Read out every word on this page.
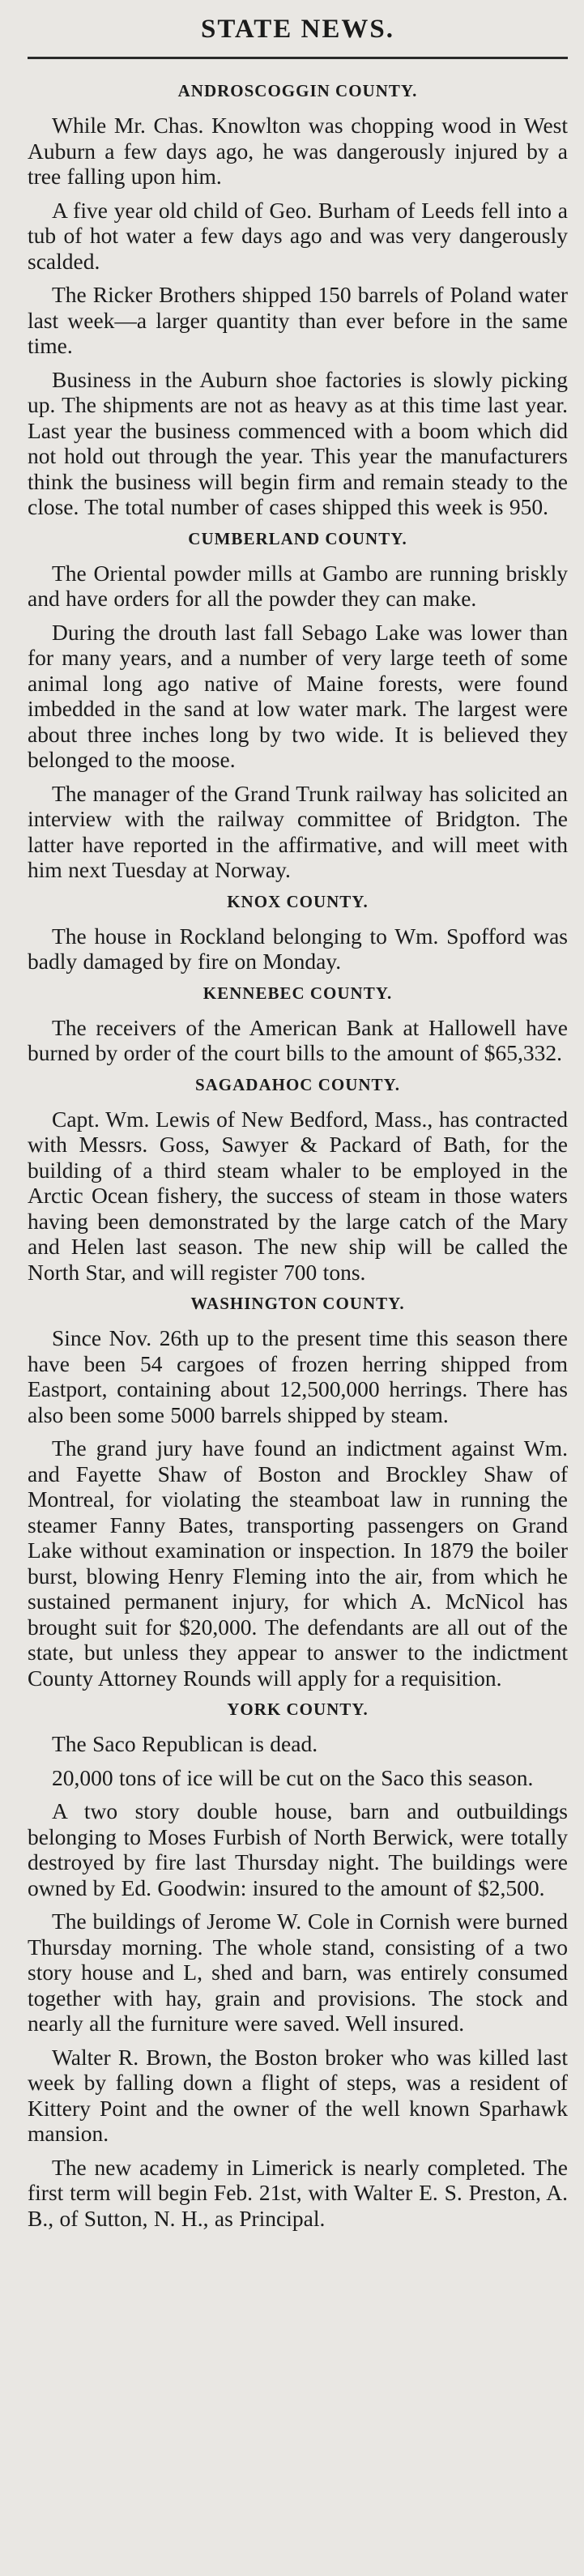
STATE NEWS.
ANDROSCOGGIN COUNTY.

While Mr. Chas. Knowlton was chopping wood in West Auburn a few days ago, he was dangerously injured by a tree falling upon him.

A five year old child of Geo. Burham of Leeds fell into a tub of hot water a few days ago and was very dangerously scalded.

The Ricker Brothers shipped 150 barrels of Poland water last week—a larger quantity than ever before in the same time.

Business in the Auburn shoe factories is slowly picking up. The shipments are not as heavy as at this time last year. Last year the business commenced with a boom which did not hold out through the year. This year the manufacturers think the business will begin firm and remain steady to the close. The total number of cases shipped this week is 950.

CUMBERLAND COUNTY.

The Oriental powder mills at Gambo are running briskly and have orders for all the powder they can make.

During the drouth last fall Sebago Lake was lower than for many years, and a number of very large teeth of some animal long ago native of Maine forests, were found imbedded in the sand at low water mark. The largest were about three inches long by two wide. It is believed they belonged to the moose.

The manager of the Grand Trunk railway has solicited an interview with the railway committee of Bridgton. The latter have reported in the affirmative, and will meet with him next Tuesday at Norway.

KNOX COUNTY.

The house in Rockland belonging to Wm. Spofford was badly damaged by fire on Monday.

KENNEBEC COUNTY.

The receivers of the American Bank at Hallowell have burned by order of the court bills to the amount of $65,332.

SAGADAHOC COUNTY.

Capt. Wm. Lewis of New Bedford, Mass., has contracted with Messrs. Goss, Sawyer & Packard of Bath, for the building of a third steam whaler to be employed in the Arctic Ocean fishery, the success of steam in those waters having been demonstrated by the large catch of the Mary and Helen last season. The new ship will be called the North Star, and will register 700 tons.

WASHINGTON COUNTY.

Since Nov. 26th up to the present time this season there have been 54 cargoes of frozen herring shipped from Eastport, containing about 12,500,000 herrings. There has also been some 5000 barrels shipped by steam.

The grand jury have found an indictment against Wm. and Fayette Shaw of Boston and Brockley Shaw of Montreal, for violating the steamboat law in running the steamer Fanny Bates, transporting passengers on Grand Lake without examination or inspection. In 1879 the boiler burst, blowing Henry Fleming into the air, from which he sustained permanent injury, for which A. McNicol has brought suit for $20,000. The defendants are all out of the state, but unless they appear to answer to the indictment County Attorney Rounds will apply for a requisition.

YORK COUNTY.

The Saco Republican is dead.

20,000 tons of ice will be cut on the Saco this season.

A two story double house, barn and outbuildings belonging to Moses Furbish of North Berwick, were totally destroyed by fire last Thursday night. The buildings were owned by Ed. Goodwin: insured to the amount of $2,500.

The buildings of Jerome W. Cole in Cornish were burned Thursday morning. The whole stand, consisting of a two story house and L, shed and barn, was entirely consumed together with hay, grain and provisions. The stock and nearly all the furniture were saved. Well insured.

Walter R. Brown, the Boston broker who was killed last week by falling down a flight of steps, was a resident of Kittery Point and the owner of the well known Sparhawk mansion.

The new academy in Limerick is nearly completed. The first term will begin Feb. 21st, with Walter E. S. Preston, A. B., of Sutton, N. H., as Principal.
